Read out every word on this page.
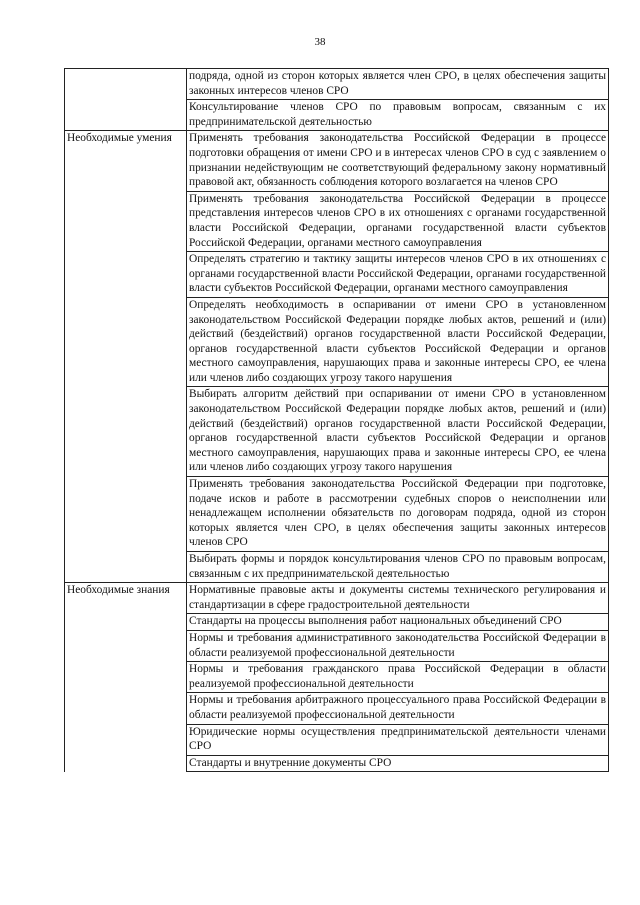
38
	подряда, одной из сторон которых является член СРО, в целях обеспечения защиты законных интересов членов СРО
	Консультирование членов СРО по правовым вопросам, связанным с их предпринимательской деятельностью
Необходимые умения	Применять требования законодательства Российской Федерации в процессе подготовки обращения от имени СРО и в интересах членов СРО в суд с заявлением о признании недействующим не соответствующий федеральному закону нормативный правовой акт, обязанность соблюдения которого возлагается на членов СРО
	Применять требования законодательства Российской Федерации в процессе представления интересов членов СРО в их отношениях с органами государственной власти Российской Федерации, органами государственной власти субъектов Российской Федерации, органами местного самоуправления
	Определять стратегию и тактику защиты интересов членов СРО в их отношениях с органами государственной власти Российской Федерации, органами государственной власти субъектов Российской Федерации, органами местного самоуправления
	Определять необходимость в оспаривании от имени СРО в установленном законодательством Российской Федерации порядке любых актов, решений и (или) действий (бездействий) органов государственной власти Российской Федерации, органов государственной власти субъектов Российской Федерации и органов местного самоуправления, нарушающих права и законные интересы СРО, ее члена или членов либо создающих угрозу такого нарушения
	Выбирать алгоритм действий при оспаривании от имени СРО в установленном законодательством Российской Федерации порядке любых актов, решений и (или) действий (бездействий) органов государственной власти Российской Федерации, органов государственной власти субъектов Российской Федерации и органов местного самоуправления, нарушающих права и законные интересы СРО, ее члена или членов либо создающих угрозу такого нарушения
	Применять требования законодательства Российской Федерации при подготовке, подаче исков и работе в рассмотрении судебных споров о неисполнении или ненадлежащем исполнении обязательств по договорам подряда, одной из сторон которых является член СРО, в целях обеспечения защиты законных интересов членов СРО
	Выбирать формы и порядок консультирования членов СРО по правовым вопросам, связанным с их предпринимательской деятельностью
Необходимые знания	Нормативные правовые акты и документы системы технического регулирования и стандартизации в сфере градостроительной деятельности
	Стандарты на процессы выполнения работ национальных объединений СРО
	Нормы и требования административного законодательства Российской Федерации в области реализуемой профессиональной деятельности
	Нормы и требования гражданского права Российской Федерации в области реализуемой профессиональной деятельности
	Нормы и требования арбитражного процессуального права Российской Федерации в области реализуемой профессиональной деятельности
	Юридические нормы осуществления предпринимательской деятельности членами СРО
	Стандарты и внутренние документы СРО
